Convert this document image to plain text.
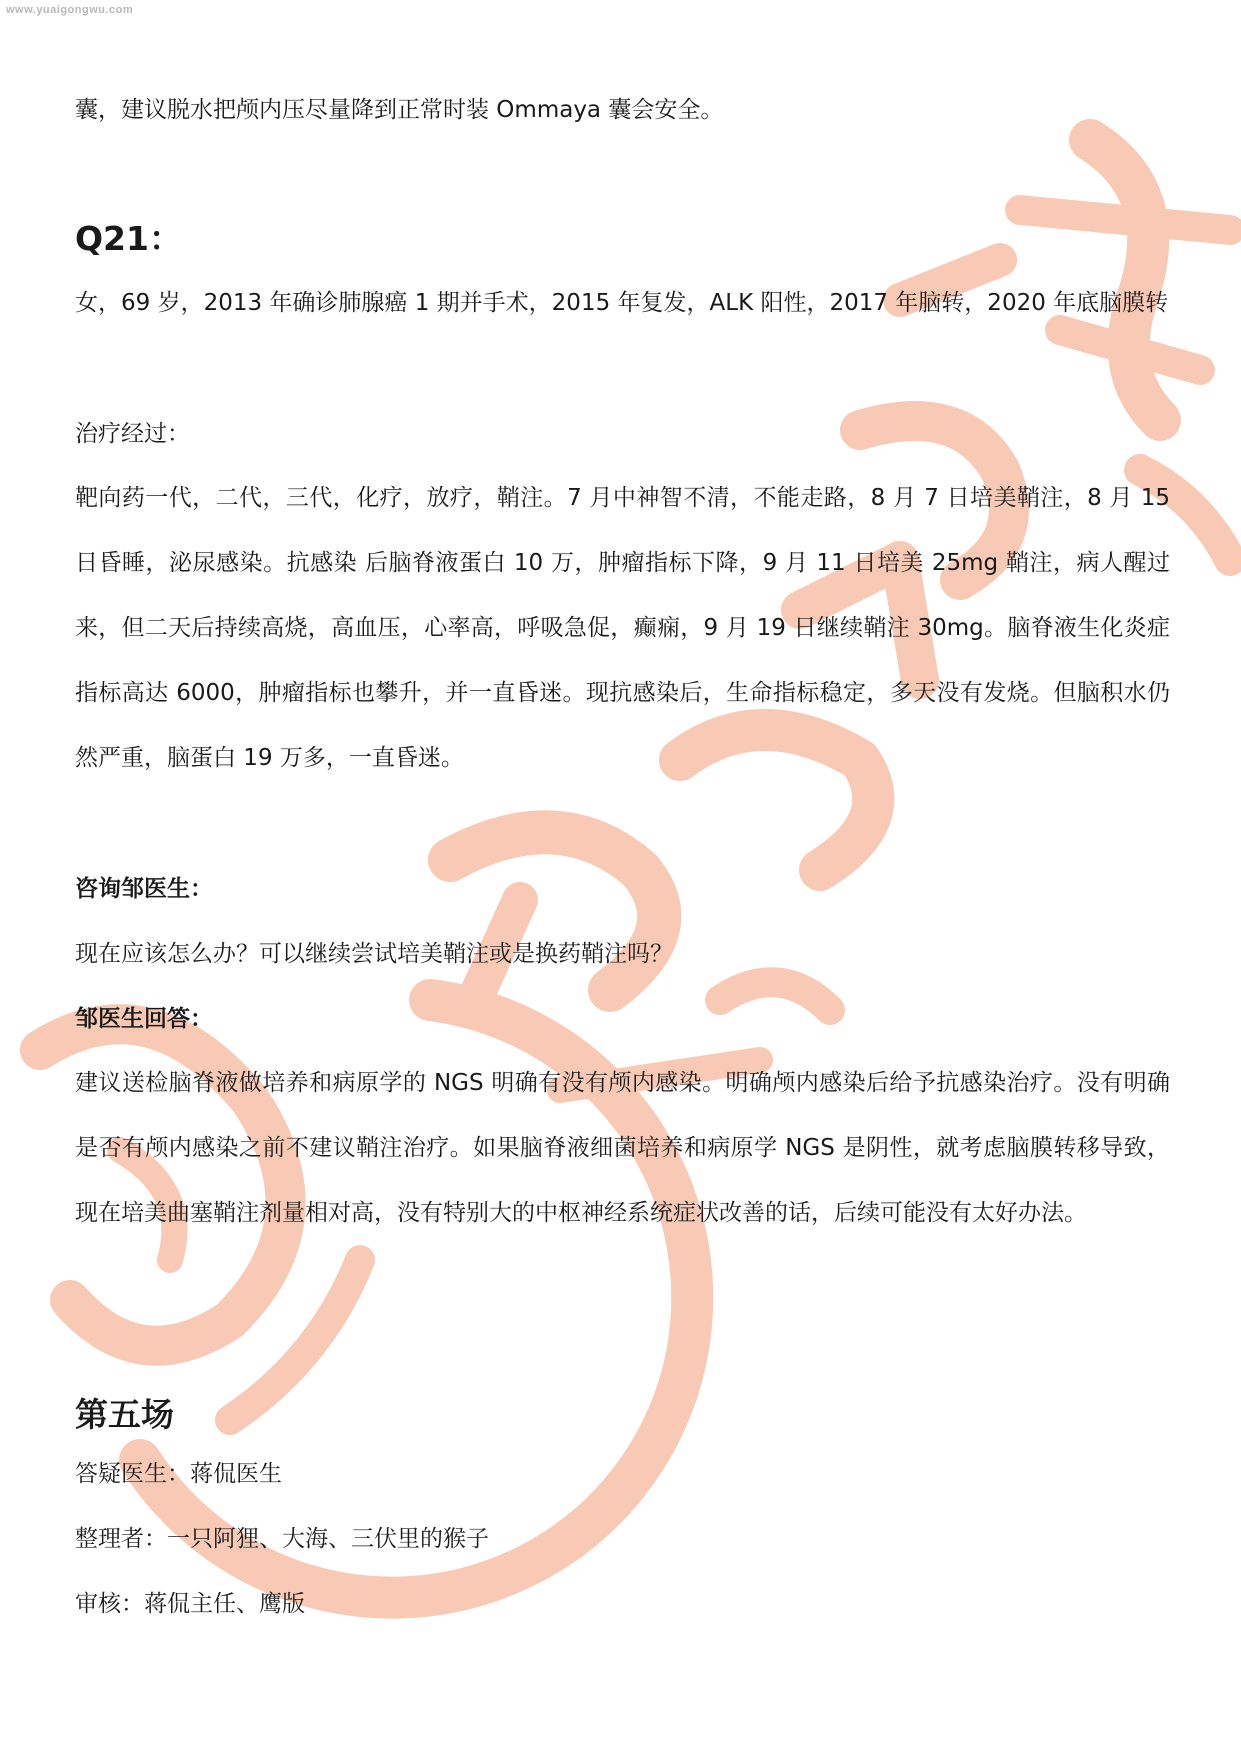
www.yuaigongwu.com
囊，建议脱水把颅内压尽量降到正常时装 Ommaya 囊会安全。
Q21：
女，69 岁，2013 年确诊肺腺癌 1 期并手术，2015 年复发，ALK 阳性，2017 年脑转，2020 年底脑膜转
治疗经过：
靶向药一代，二代，三代，化疗，放疗，鞘注。7 月中神智不清，不能走路，8 月 7 日培美鞘注，8 月 15 日昏睡，泌尿感染。抗感染 后脑脊液蛋白 10 万，肿瘤指标下降，9 月 11 日培美 25mg 鞘注，病人醒过来，但二天后持续高烧，高血压，心率高，呼吸急促，癫痫，9 月 19 日继续鞘注 30mg。脑脊液生化炎症指标高达 6000，肿瘤指标也攀升，并一直昏迷。现抗感染后，生命指标稳定，多天没有发烧。但脑积水仍然严重，脑蛋白 19 万多，一直昏迷。
咨询邹医生：
现在应该怎么办？可以继续尝试培美鞘注或是换药鞘注吗？
邹医生回答：
建议送检脑脊液做培养和病原学的 NGS 明确有没有颅内感染。明确颅内感染后给予抗感染治疗。没有明确是否有颅内感染之前不建议鞘注治疗。如果脑脊液细菌培养和病原学 NGS 是阴性，就考虑脑膜转移导致，现在培美曲塞鞘注剂量相对高，没有特别大的中枢神经系统症状改善的话，后续可能没有太好办法。
第五场
答疑医生：蒋侃医生
整理者：一只阿狸、大海、三伏里的猴子
审核：蒋侃主任、鹰版
